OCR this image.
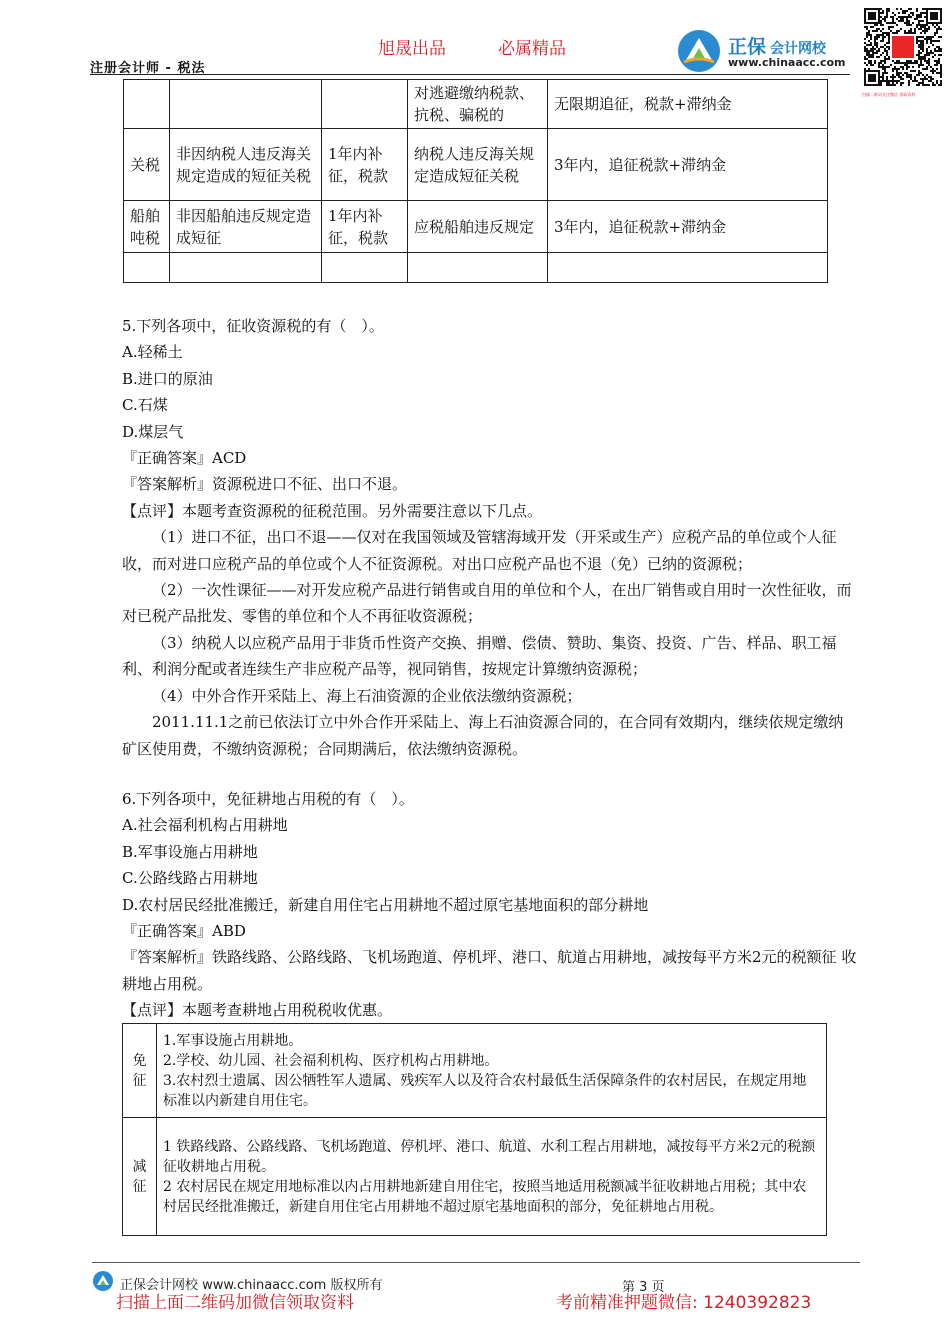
旭晟出品	必属精品
注册会计师 - 税法
正保 会计网校
www.chinaacc.com
扫描二维码关注微信 领取资料
			对逃避缴纳税款、抗税、骗税的	无限期追征，税款+滞纳金
关税	非因纳税人违反海关规定造成的短征关税	1年内补征，税款	纳税人违反海关规定造成短征关税	3年内，追征税款+滞纳金
船舶吨税	非因船舶违反规定造成短征	1年内补征，税款	应税船舶违反规定	3年内，追征税款+滞纳金

5.下列各项中，征收资源税的有（　）。

A.轻稀土

B.进口的原油

C.石煤

D.煤层气

『正确答案』ACD

『答案解析』资源税进口不征、出口不退。

【点评】本题考查资源税的征税范围。另外需要注意以下几点。

（1）进口不征，出口不退——仅对在我国领域及管辖海域开发（开采或生产）应税产品的单位或个人征收，而对进口应税产品的单位或个人不征资源税。对出口应税产品也不退（免）已纳的资源税；

（2）一次性课征——对开发应税产品进行销售或自用的单位和个人，在出厂销售或自用时一次性征收，而对已税产品批发、零售的单位和个人不再征收资源税；

（3）纳税人以应税产品用于非货币性资产交换、捐赠、偿债、赞助、集资、投资、广告、样品、职工福利、利润分配或者连续生产非应税产品等，视同销售，按规定计算缴纳资源税；

（4）中外合作开采陆上、海上石油资源的企业依法缴纳资源税；

2011.11.1之前已依法订立中外合作开采陆上、海上石油资源合同的，在合同有效期内，继续依规定缴纳矿区使用费，不缴纳资源税；合同期满后，依法缴纳资源税。

6.下列各项中，免征耕地占用税的有（　）。

A.社会福利机构占用耕地

B.军事设施占用耕地

C.公路线路占用耕地

D.农村居民经批准搬迁，新建自用住宅占用耕地不超过原宅基地面积的部分耕地

『正确答案』ABD

『答案解析』铁路线路、公路线路、飞机场跑道、停机坪、港口、航道占用耕地，减按每平方米2元的税额征 收耕地占用税。

【点评】本题考查耕地占用税税收优惠。

免征	1.军事设施占用耕地。
2.学校、幼儿园、社会福利机构、医疗机构占用耕地。
3.农村烈士遗属、因公牺牲军人遗属、残疾军人以及符合农村最低生活保障条件的农村居民，在规定用地标准以内新建自用住宅。

减征	1 铁路线路、公路线路、飞机场跑道、停机坪、港口、航道、水利工程占用耕地，减按每平方米2元的税额征收耕地占用税。
2 农村居民在规定用地标准以内占用耕地新建自用住宅，按照当地适用税额减半征收耕地占用税；其中农村居民经批准搬迁，新建自用住宅占用耕地不超过原宅基地面积的部分，免征耕地占用税。
正保会计网校 www.chinaacc.com 版权所有	第 3 页
扫描上面二维码加微信领取资料	考前精准押题微信: 1240392823
